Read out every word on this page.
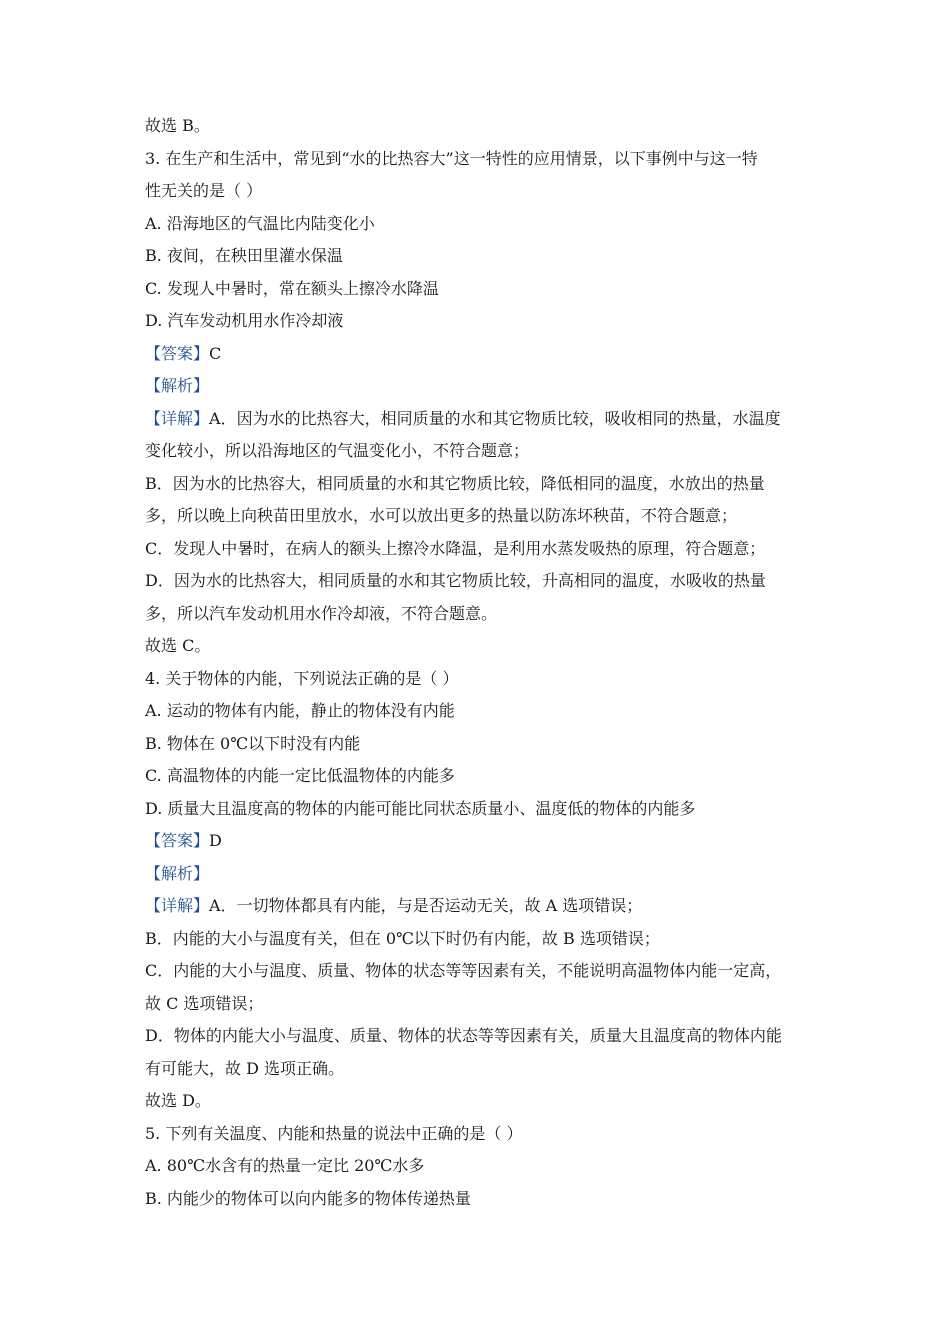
故选 B。
3. 在生产和生活中，常见到“水的比热容大”这一特性的应用情景，以下事例中与这一特
性无关的是（ ）
A. 沿海地区的气温比内陆变化小
B. 夜间，在秧田里灌水保温
C. 发现人中暑时，常在额头上擦冷水降温
D. 汽车发动机用水作冷却液
【答案】C
【解析】
【详解】A．因为水的比热容大，相同质量的水和其它物质比较，吸收相同的热量，水温度
变化较小，所以沿海地区的气温变化小，不符合题意；
B．因为水的比热容大，相同质量的水和其它物质比较，降低相同的温度，水放出的热量
多，所以晚上向秧苗田里放水，水可以放出更多的热量以防冻坏秧苗，不符合题意；
C．发现人中暑时，在病人的额头上擦冷水降温，是利用水蒸发吸热的原理，符合题意；
D．因为水的比热容大，相同质量的水和其它物质比较，升高相同的温度，水吸收的热量
多，所以汽车发动机用水作冷却液，不符合题意。
故选 C。
4. 关于物体的内能，下列说法正确的是（ ）
A. 运动的物体有内能，静止的物体没有内能
B. 物体在 0℃以下时没有内能
C. 高温物体的内能一定比低温物体的内能多
D. 质量大且温度高的物体的内能可能比同状态质量小、温度低的物体的内能多
【答案】D
【解析】
【详解】A．一切物体都具有内能，与是否运动无关，故 A 选项错误；
B．内能的大小与温度有关，但在 0℃以下时仍有内能，故 B 选项错误；
C．内能的大小与温度、质量、物体的状态等等因素有关，不能说明高温物体内能一定高，
故 C 选项错误；
D．物体的内能大小与温度、质量、物体的状态等等因素有关，质量大且温度高的物体内能
有可能大，故 D 选项正确。
故选 D。
5. 下列有关温度、内能和热量的说法中正确的是（ ）
A. 80℃水含有的热量一定比 20℃水多
B. 内能少的物体可以向内能多的物体传递热量
